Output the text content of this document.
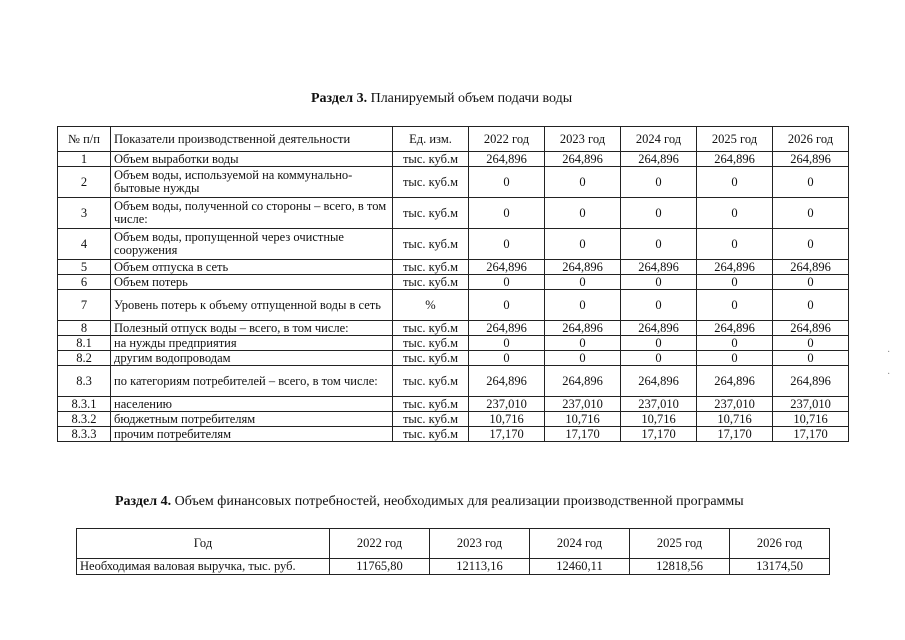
Раздел 3. Планируемый объем подачи воды
№ п/п	Показатели производственной деятельности	Ед. изм.	2022 год	2023 год	2024 год	2025 год	2026 год
1	Объем выработки воды	тыс. куб.м	264,896	264,896	264,896	264,896	264,896
2	Объем воды, используемой на коммунально-бытовые нужды	тыс. куб.м	0	0	0	0	0
3	Объем воды, полученной со стороны – всего, в том числе:	тыс. куб.м	0	0	0	0	0
4	Объем воды, пропущенной через очистные сооружения	тыс. куб.м	0	0	0	0	0
5	Объем отпуска в сеть	тыс. куб.м	264,896	264,896	264,896	264,896	264,896
6	Объем потерь	тыс. куб.м	0	0	0	0	0
7	Уровень потерь к объему отпущенной воды в сеть	%	0	0	0	0	0
8	Полезный отпуск воды – всего, в том числе:	тыс. куб.м	264,896	264,896	264,896	264,896	264,896
8.1	на нужды предприятия	тыс. куб.м	0	0	0	0	0
8.2	другим водопроводам	тыс. куб.м	0	0	0	0	0
8.3	по категориям потребителей – всего, в том числе:	тыс. куб.м	264,896	264,896	264,896	264,896	264,896
8.3.1	населению	тыс. куб.м	237,010	237,010	237,010	237,010	237,010
8.3.2	бюджетным потребителям	тыс. куб.м	10,716	10,716	10,716	10,716	10,716
8.3.3	прочим потребителям	тыс. куб.м	17,170	17,170	17,170	17,170	17,170
Раздел 4. Объем финансовых потребностей, необходимых для реализации производственной программы
Год	2022 год	2023 год	2024 год	2025 год	2026 год
Необходимая валовая выручка, тыс. руб.	11765,80	12113,16	12460,11	12818,56	13174,50
·
·
